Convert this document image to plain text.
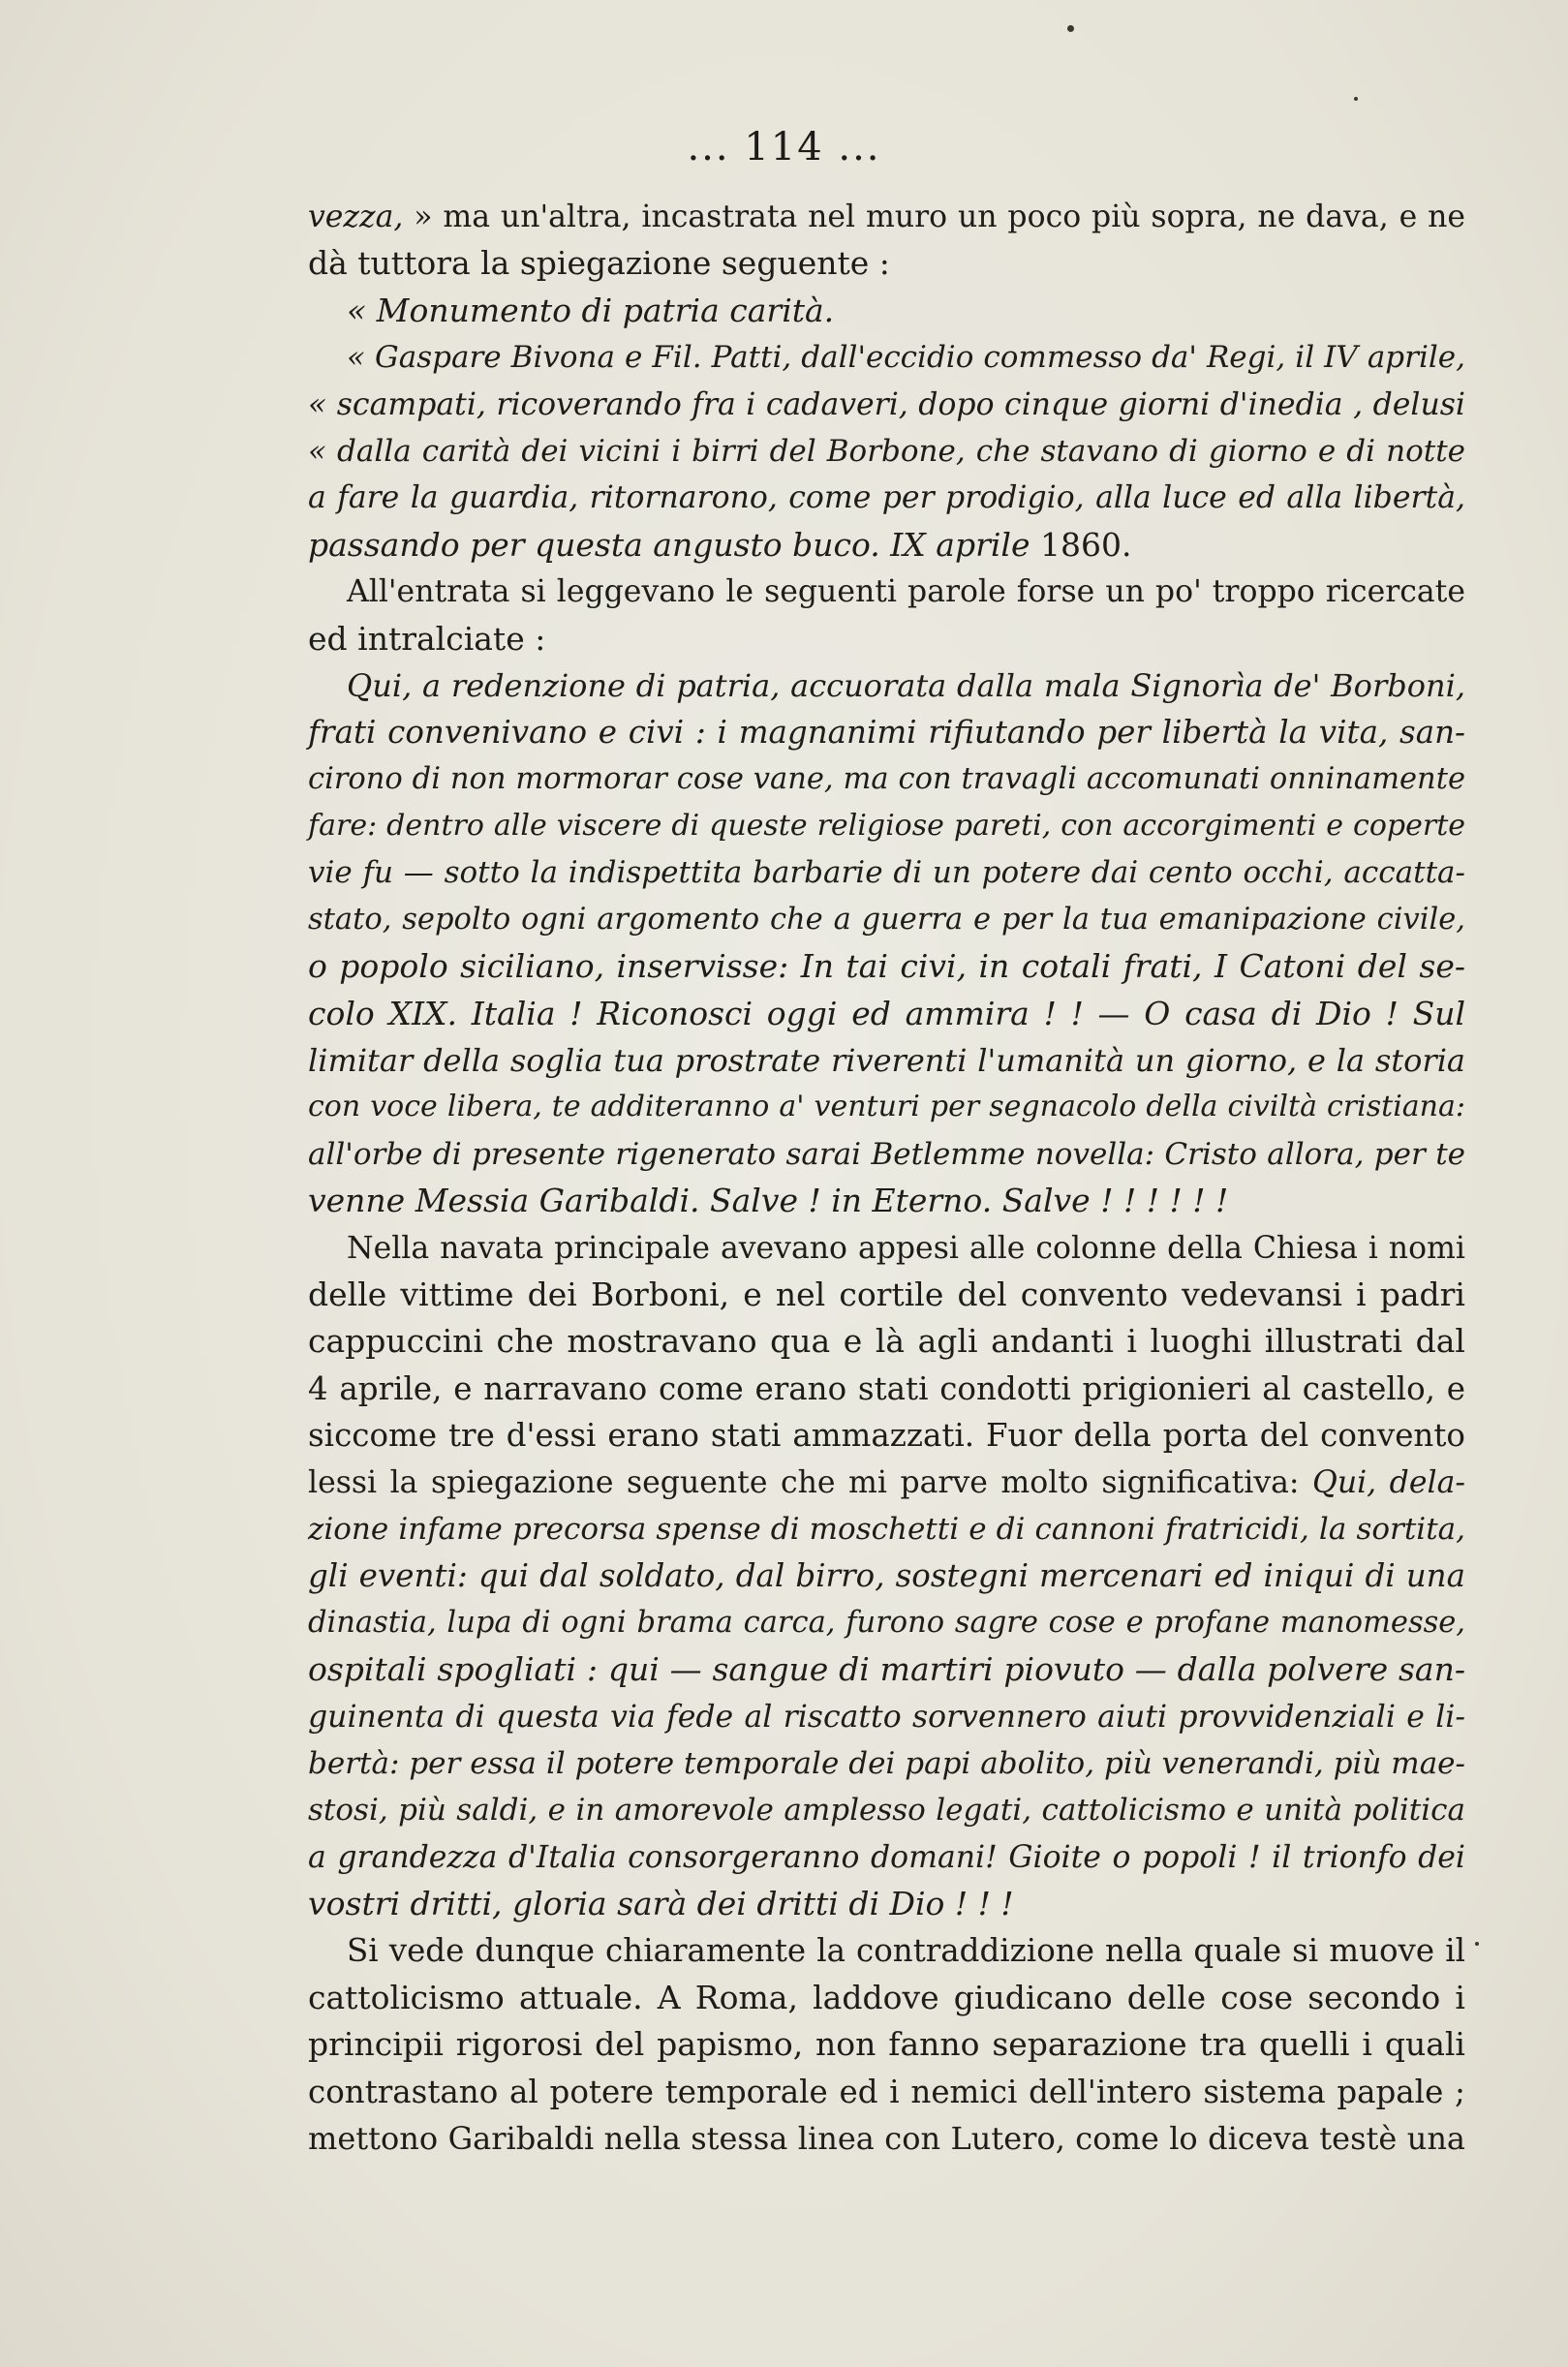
... 114 ...
vezza, » ma un'altra, incastrata nel muro un poco più sopra, ne dava, e ne
dà tuttora la spiegazione seguente :
« Monumento di patria carità.
« Gaspare Bivona e Fil. Patti, dall'eccidio commesso da' Regi, il IV aprile,
« scampati, ricoverando fra i cadaveri, dopo cinque giorni d'inedia , delusi
« dalla carità dei vicini i birri del Borbone, che stavano di giorno e di notte
a fare la guardia, ritornarono, come per prodigio, alla luce ed alla libertà,
passando per questa angusto buco. IX aprile 1860.
All'entrata si leggevano le seguenti parole forse un po' troppo ricercate
ed intralciate :
Qui, a redenzione di patria, accuorata dalla mala Signorìa de' Borboni,
frati convenivano e civi : i magnanimi rifiutando per libertà la vita, san-
cirono di non mormorar cose vane, ma con travagli accomunati onninamente
fare: dentro alle viscere di queste religiose pareti, con accorgimenti e coperte
vie fu — sotto la indispettita barbarie di un potere dai cento occhi, accatta-
stato, sepolto ogni argomento che a guerra e per la tua emanipazione civile,
o popolo siciliano, inservisse: In tai civi, in cotali frati, I Catoni del se-
colo XIX. Italia ! Riconosci oggi ed ammira ! ! — O casa di Dio ! Sul
limitar della soglia tua prostrate riverenti l'umanità un giorno, e la storia
con voce libera, te additeranno a' venturi per segnacolo della civiltà cristiana:
all'orbe di presente rigenerato sarai Betlemme novella: Cristo allora, per te
venne Messia Garibaldi. Salve ! in Eterno. Salve ! ! ! ! ! !
Nella navata principale avevano appesi alle colonne della Chiesa i nomi
delle vittime dei Borboni, e nel cortile del convento vedevansi i padri
cappuccini che mostravano qua e là agli andanti i luoghi illustrati dal
4 aprile, e narravano come erano stati condotti prigionieri al castello, e
siccome tre d'essi erano stati ammazzati. Fuor della porta del convento
lessi la spiegazione seguente che mi parve molto significativa: Qui, dela-
zione infame precorsa spense di moschetti e di cannoni fratricidi, la sortita,
gli eventi: qui dal soldato, dal birro, sostegni mercenari ed iniqui di una
dinastia, lupa di ogni brama carca, furono sagre cose e profane manomesse,
ospitali spogliati : qui — sangue di martiri piovuto — dalla polvere san-
guinenta di questa via fede al riscatto sorvennero aiuti provvidenziali e li-
bertà: per essa il potere temporale dei papi abolito, più venerandi, più mae-
stosi, più saldi, e in amorevole amplesso legati, cattolicismo e unità politica
a grandezza d'Italia consorgeranno domani! Gioite o popoli ! il trionfo dei
vostri dritti, gloria sarà dei dritti di Dio ! ! !
Si vede dunque chiaramente la contraddizione nella quale si muove il
cattolicismo attuale. A Roma, laddove giudicano delle cose secondo i
principii rigorosi del papismo, non fanno separazione tra quelli i quali
contrastano al potere temporale ed i nemici dell'intero sistema papale ;
mettono Garibaldi nella stessa linea con Lutero, come lo diceva testè una
